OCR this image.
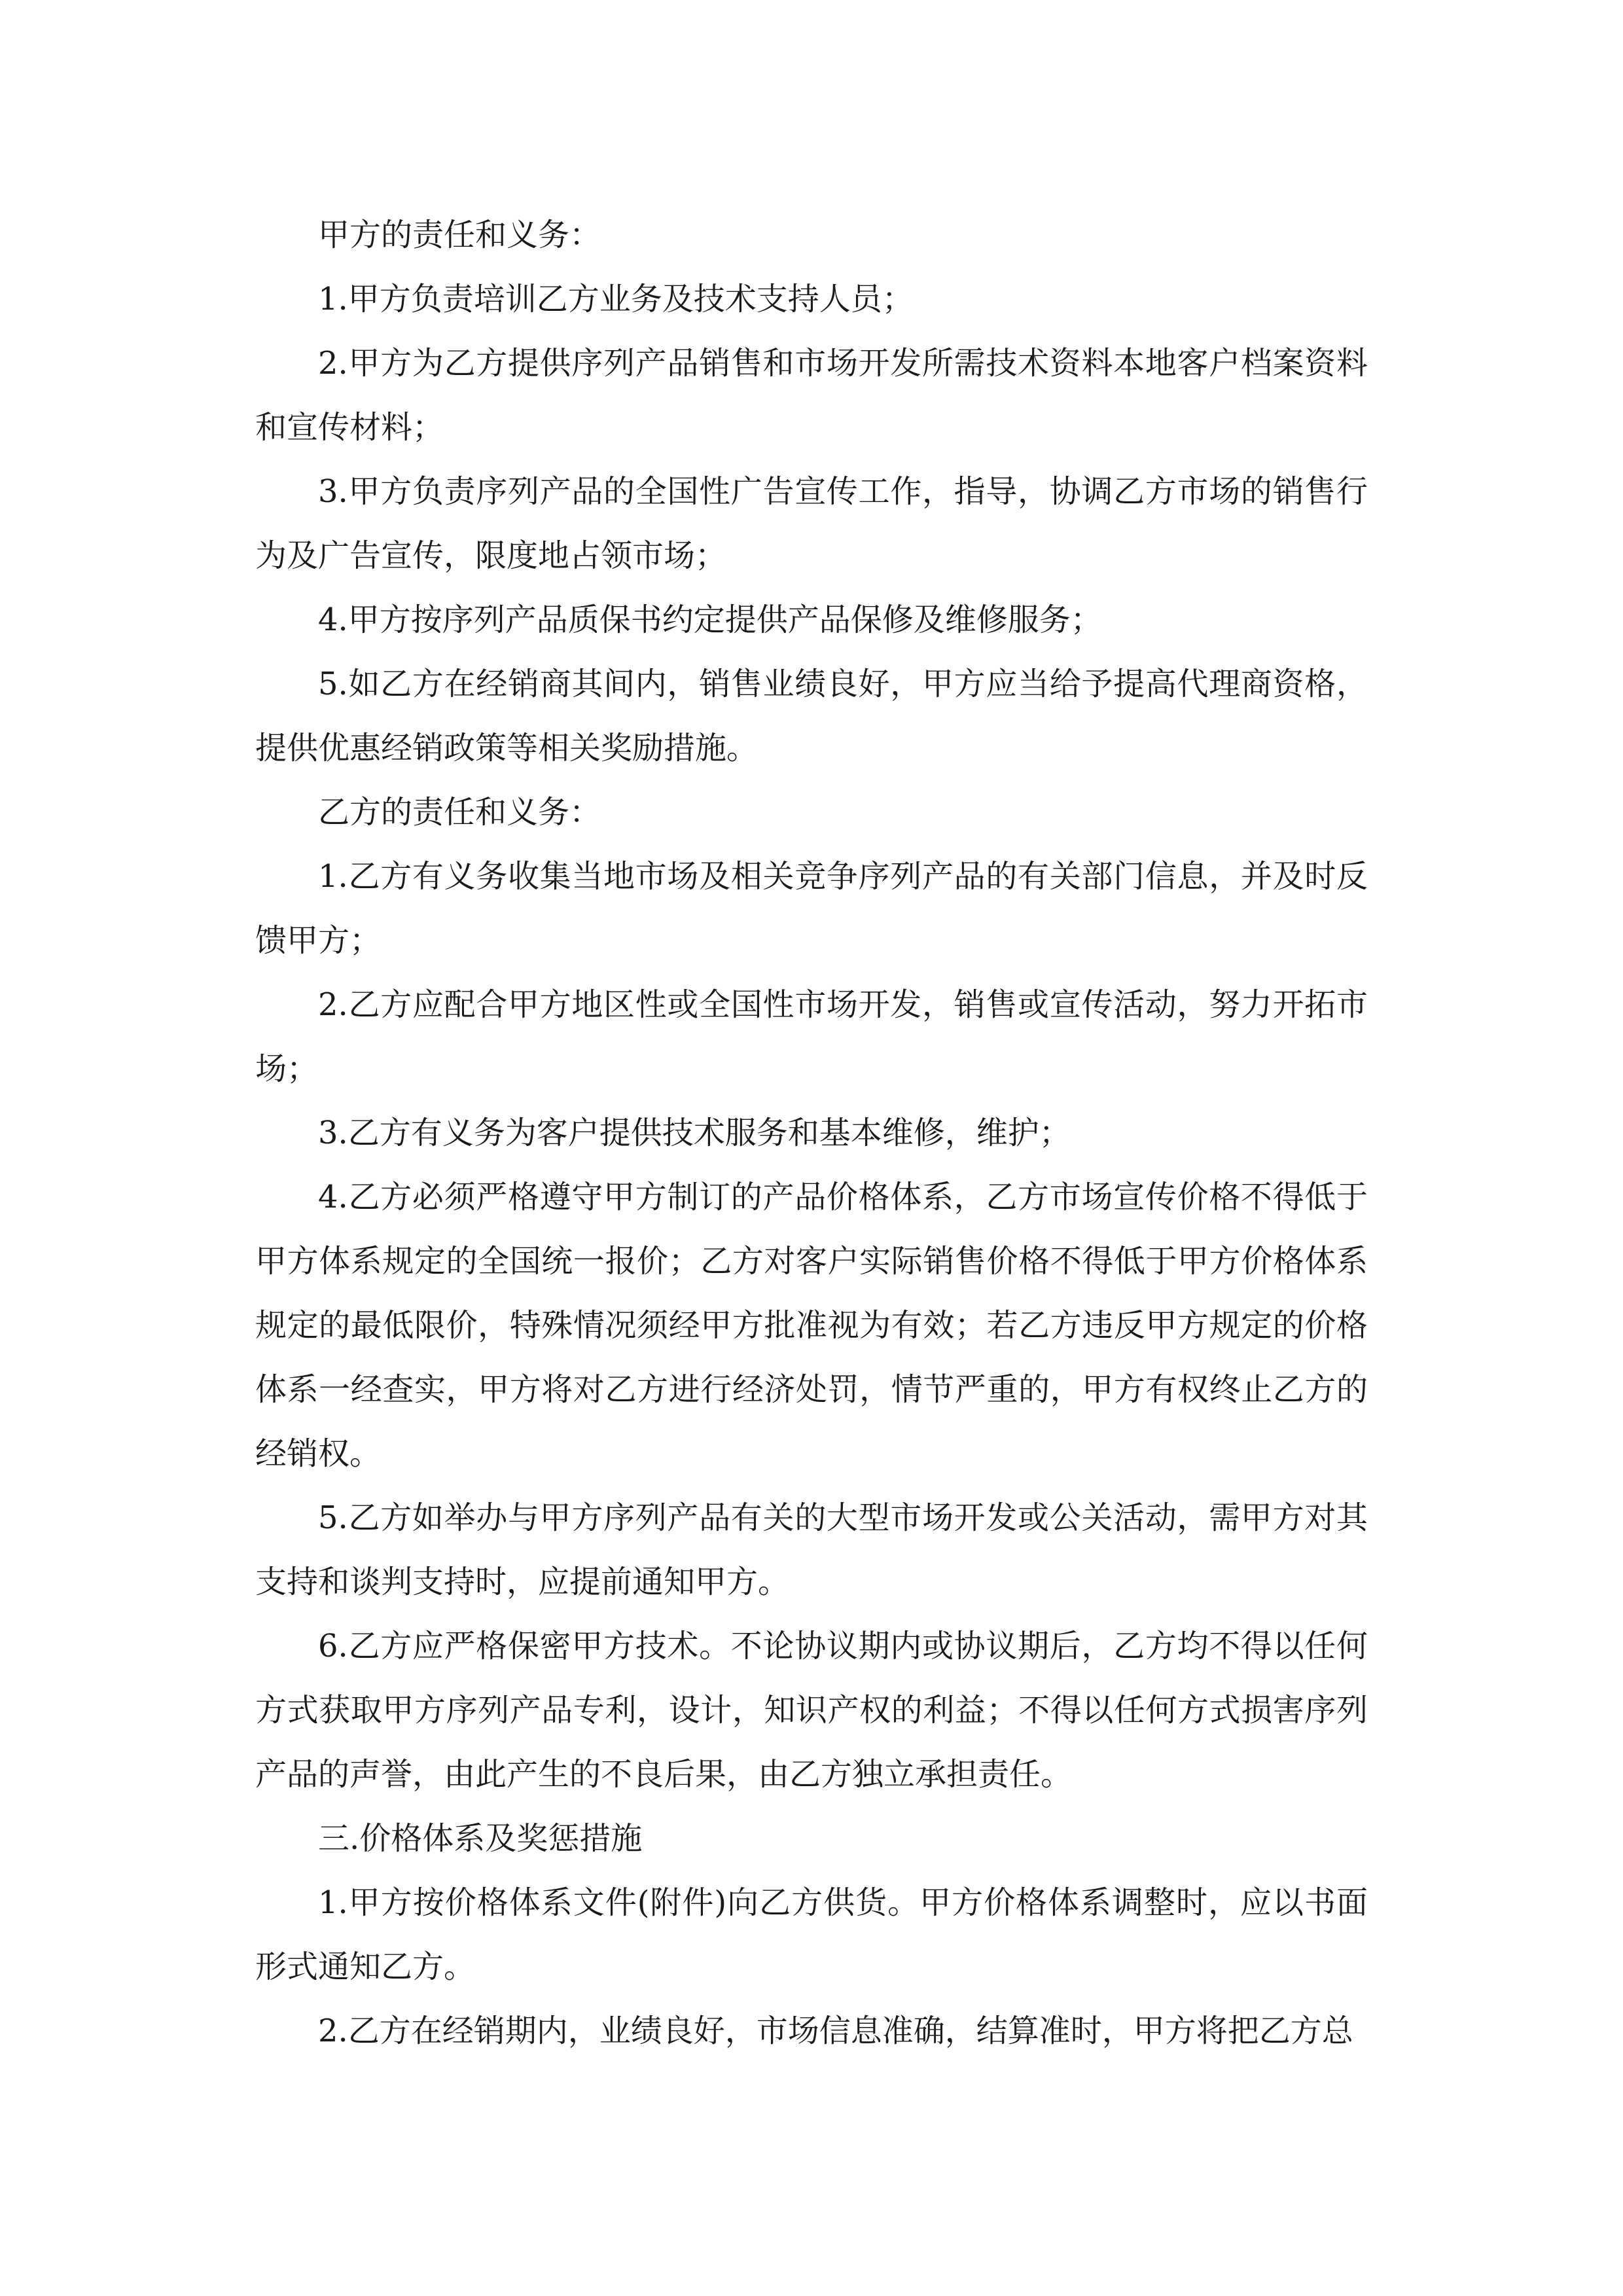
甲方的责任和义务：

1.甲方负责培训乙方业务及技术支持人员；

2.甲方为乙方提供序列产品销售和市场开发所需技术资料本地客户档案资料和宣传材料；

3.甲方负责序列产品的全国性广告宣传工作，指导，协调乙方市场的销售行为及广告宣传，限度地占领市场；

4.甲方按序列产品质保书约定提供产品保修及维修服务；

5.如乙方在经销商其间内，销售业绩良好，甲方应当给予提高代理商资格，提供优惠经销政策等相关奖励措施。

乙方的责任和义务：

1.乙方有义务收集当地市场及相关竞争序列产品的有关部门信息，并及时反馈甲方；

2.乙方应配合甲方地区性或全国性市场开发，销售或宣传活动，努力开拓市场；

3.乙方有义务为客户提供技术服务和基本维修，维护；

4.乙方必须严格遵守甲方制订的产品价格体系，乙方市场宣传价格不得低于甲方体系规定的全国统一报价；乙方对客户实际销售价格不得低于甲方价格体系规定的最低限价，特殊情况须经甲方批准视为有效；若乙方违反甲方规定的价格体系一经查实，甲方将对乙方进行经济处罚，情节严重的，甲方有权终止乙方的经销权。

5.乙方如举办与甲方序列产品有关的大型市场开发或公关活动，需甲方对其支持和谈判支持时，应提前通知甲方。

6.乙方应严格保密甲方技术。不论协议期内或协议期后，乙方均不得以任何方式获取甲方序列产品专利，设计，知识产权的利益；不得以任何方式损害序列产品的声誉，由此产生的不良后果，由乙方独立承担责任。

三.价格体系及奖惩措施

1.甲方按价格体系文件(附件)向乙方供货。甲方价格体系调整时，应以书面形式通知乙方。

2.乙方在经销期内，业绩良好，市场信息准确，结算准时，甲方将把乙方总
